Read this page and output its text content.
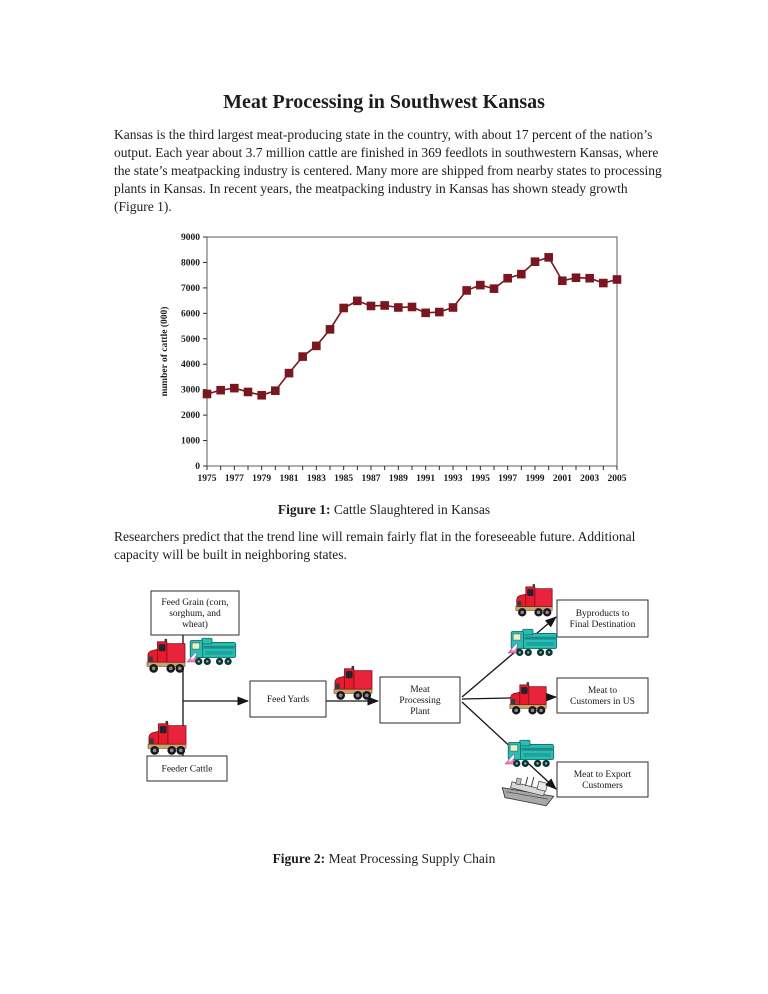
Meat Processing in Southwest Kansas

Kansas is the third largest meat-producing state in the country, with about 17 percent of the nation’s output. Each year about 3.7 million cattle are finished in 369 feedlots in southwestern Kansas, where the state’s meatpacking industry is centered. Many more are shipped from nearby states to processing plants in Kansas. In recent years, the meatpacking industry in Kansas has shown steady growth (Figure 1).

0
1000
2000
3000
4000
5000
6000
7000
8000
9000
1975 1977 1979 1981 1983 1985 1987 1989 1991 1993 1995 1997 1999 2001 2003 2005
number of cattle (000)

Figure 1: Cattle Slaughtered in Kansas

Researchers predict that the trend line will remain fairly flat in the foreseeable future. Additional capacity will be built in neighboring states.

Feed Grain (corn,
sorghum, and
wheat)
Feeder Cattle
Feed Yards
Meat
Processing
Plant
Byproducts to
Final Destination
Meat to
Customers in US
Meat to Export
Customers

Figure 2: Meat Processing Supply Chain
